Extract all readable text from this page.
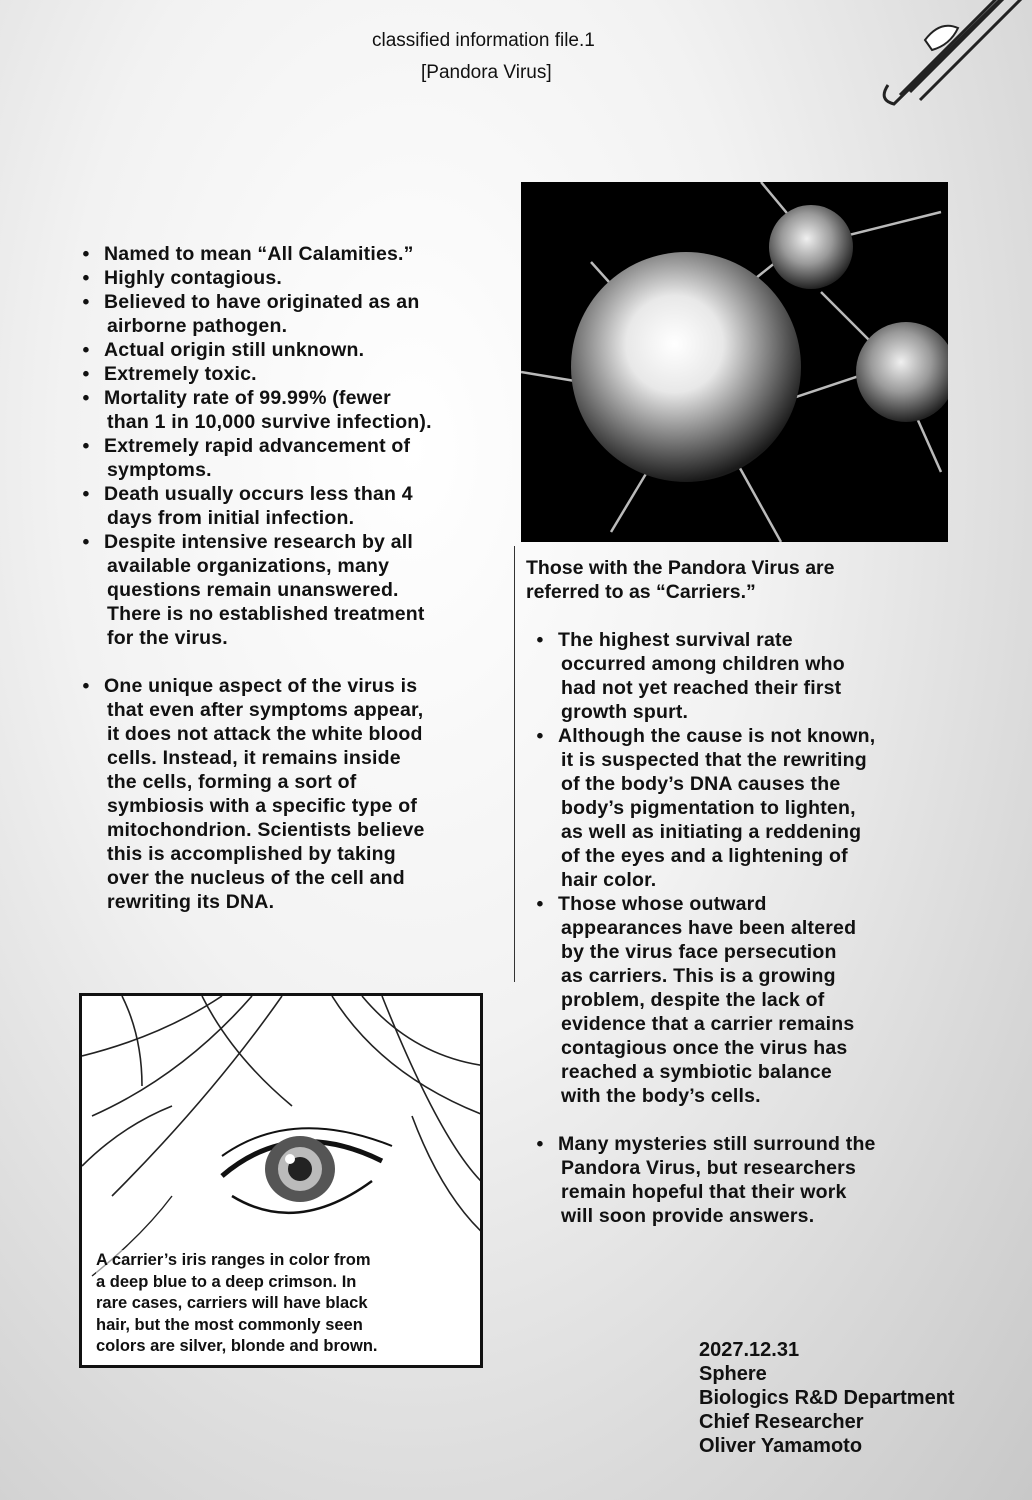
classified information file.1
[Pandora Virus]
• Named to mean “All Calamities.”
• Highly contagious.
• Believed to have originated as an
airborne pathogen.
• Actual origin still unknown.
• Extremely toxic.
• Mortality rate of 99.99% (fewer
than 1 in 10,000 survive infection).
• Extremely rapid advancement of
symptoms.
• Death usually occurs less than 4
days from initial infection.
• Despite intensive research by all
available organizations, many
questions remain unanswered.
There is no established treatment
for the virus.
• One unique aspect of the virus is
that even after symptoms appear,
it does not attack the white blood
cells. Instead, it remains inside
the cells, forming a sort of
symbiosis with a specific type of
mitochondrion. Scientists believe
this is accomplished by taking
over the nucleus of the cell and
rewriting its DNA.
Those with the Pandora Virus are
referred to as “Carriers.”
• The highest survival rate
occurred among children who
had not yet reached their first
growth spurt.
• Although the cause is not known,
it is suspected that the rewriting
of the body’s DNA causes the
body’s pigmentation to lighten,
as well as initiating a reddening
of the eyes and a lightening of
hair color.
• Those whose outward
appearances have been altered
by the virus face persecution
as carriers. This is a growing
problem, despite the lack of
evidence that a carrier remains
contagious once the virus has
reached a symbiotic balance
with the body’s cells.
• Many mysteries still surround the
Pandora Virus, but researchers
remain hopeful that their work
will soon provide answers.
A carrier’s iris ranges in color from
a deep blue to a deep crimson. In
rare cases, carriers will have black
hair, but the most commonly seen
colors are silver, blonde and brown.	2027.12.31
Sphere
Biologics R&D Department
Chief Researcher
Oliver Yamamoto
